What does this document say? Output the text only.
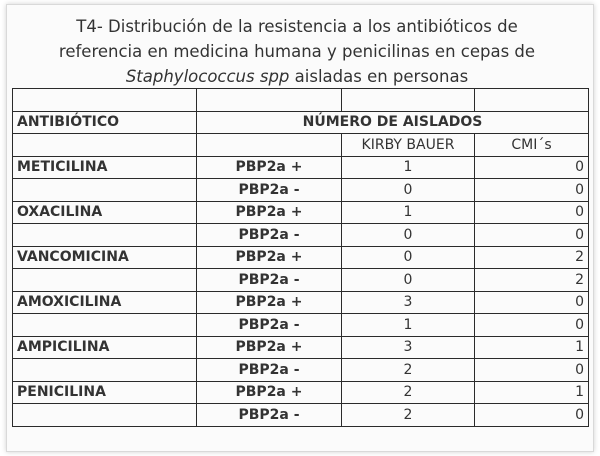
T4- Distribución de la resistencia a los antibióticos de
referencia en medicina humana y penicilinas en cepas de
Staphylococcus spp aisladas en personas

ANTIBIÓTICO	NÚMERO DE AISLADOS		
		KIRBY BAUER	CMI´s
METICILINA	PBP2a +	1	0
	PBP2a -	0	0
OXACILINA	PBP2a +	1	0
	PBP2a -	0	0
VANCOMICINA	PBP2a +	0	2
	PBP2a -	0	2
AMOXICILINA	PBP2a +	3	0
	PBP2a -	1	0
AMPICILINA	PBP2a +	3	1
	PBP2a -	2	0
PENICILINA	PBP2a +	2	1
	PBP2a -	2	0
